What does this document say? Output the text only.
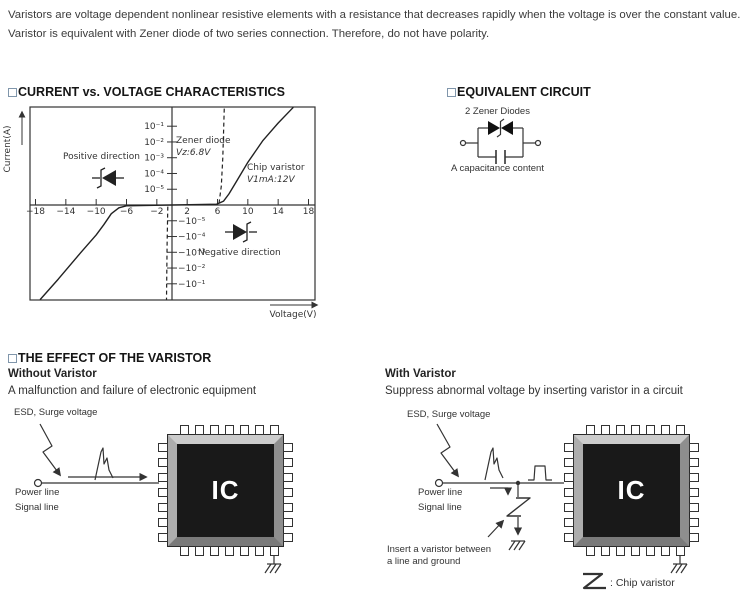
Varistors are voltage dependent nonlinear resistive elements with a resistance that decreases rapidly when the voltage is over the constant value.

Varistor is equivalent with Zener diode of two series connection. Therefore, do not have polarity.

CURRENT vs. VOLTAGE CHARACTERISTICS	EQUIVALENT CIRCUIT
Current(A)
Voltage(V)
Positive direction
Zener diode
Vz:6.8V
Chip varistor
V1mA:12V
Negative direction
−18 −14 −10 −6 −2 2	6 10 14 18
10⁻¹
10⁻²
10⁻³
10⁻⁴
10⁻⁵
−10⁻⁵
−10⁻⁴
−10⁻³
−10⁻²
−10⁻¹
2 Zener Diodes
A capacitance content
THE EFFECT OF THE VARISTOR
Without Varistor
A malfunction and failure of electronic equipment
With Varistor
Suppress abnormal voltage by inserting varistor in a circuit
ESD, Surge voltage
Power line
Signal line
IC
ESD, Surge voltage
Power line
Signal line
Insert a varistor between
a line and ground
: Chip varistor
IC
